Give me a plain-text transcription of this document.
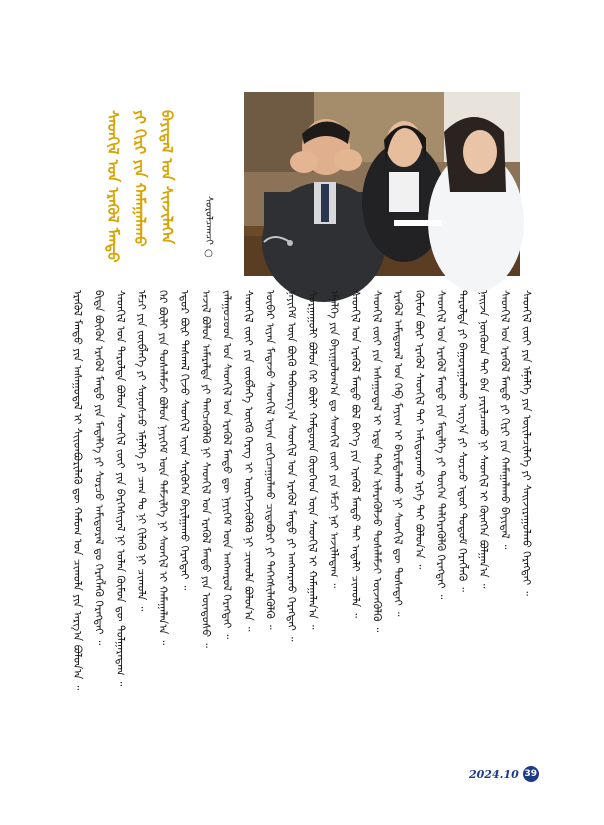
ᠰᠡᠳᠬᠢᠯ ᠤᠨ ᠡᠷᠡᠭᠦᠯ ᠮᠡᠨᠳᠦ ᠶᠢ ᠬᠢᠷᠢ ᠶᠢᠨ ᠬᠠᠮᠠᠭᠠᠯᠠᠬᠤ ᠪᠠᠶᠢᠳᠠᠯ ᠤᠨ ᠰᠢᠨᠵᠢᠯᠡᠭᠡᠨ	ᠰᠤᠷᠤᠯᠴᠠᠭᠴᠢ ○
ᠡᠷᠡᠭᠦᠯ ᠮᠡᠨᠳᠦ ᠶᠢᠨ ᠠᠰᠠᠭᠤᠳᠠᠯ ᠢ ᠰᠢᠢᠳᠪᠦᠷᠢᠯᠡᠬᠦ ᠳᠦ ᠬᠠᠮᠤᠭ ᠤᠨ ᠴᠢᠬᠤᠯᠠ ᠶᠢᠨ ᠠᠷᠭ᠎ᠠ ᠪᠤᠯᠤᠨ᠎ᠠ ᠃ ᠪᠢᠳᠡ ᠪᠦᠬᠦᠨ ᠡᠷᠡᠭᠦᠯ ᠮᠡᠨᠳᠦ ᠶᠢᠨ ᠮᠡᠳᠡᠯᠭᠡ ᠶᠢ ᠰᠤᠷᠴᠤ ᠠᠮᠢᠳᠤᠷᠠᠯ ᠳᠤ ᠬᠡᠷᠡᠭᠯᠡᠬᠦ ᠬᠡᠷᠡᠭᠲᠡᠢ ᠃ ᠰᠡᠳᠬᠢᠯ ᠤᠨ ᠳᠠᠷᠤᠯᠲᠠ ᠪᠤᠯᠤᠨ ᠰᠡᠳᠬᠢᠯ ᠵᠦᠢ ᠶᠢᠨ ᠪᠡᠷᠬᠡᠰᠢᠶᠡᠯ ᠨᠢ ᠣᠯᠠᠨ ᠬᠦᠮᠦᠨ ᠳᠦ ᠲᠤᠯᠭᠠᠷᠠᠳᠠᠭ ᠃ ᠡᠮᠴᠢ ᠶᠢᠨ ᠵᠥᠪᠯᠡᠭᠡ ᠶᠢ ᠰᠣᠨᠣᠰᠴᠤ ᠡᠮᠨᠡᠯᠭᠡ ᠶᠢ ᠴᠠᠭ ᠲᠤ ᠨᠢ ᠬᠢᠯᠡᠬᠦ ᠨᠢ ᠴᠢᠬᠤᠯᠠ ᠃ ᠭᠡᠷ ᠪᠦᠯᠢ ᠶᠢᠨ ᠲᠤᠰᠠᠯᠠᠮᠵᠢ ᠪᠤᠯᠤᠨ ᠨᠡᠶᠢᠭᠡᠮ ᠦᠨ ᠳᠡᠮᠵᠢᠯᠭᠡ ᠨᠢ ᠰᠡᠳᠬᠢᠯ ᠢ ᠬᠠᠮᠠᠭᠠᠯᠠᠨ᠎ᠠ ᠃ ᠡᠳᠦᠷ ᠪᠦᠷ ᠳᠠᠰᠬᠠᠯ ᠬᠢᠵᠦ ᠰᠡᠳᠬᠢᠯ ᠢᠶᠡᠨ ᠰᠡᠷᠭᠦᠭᠡᠨ ᠪᠠᠶᠢᠯᠭᠠᠬᠤ ᠬᠡᠷᠡᠭᠲᠡᠢ ᠃ ᠠᠵᠢᠯ ᠪᠤᠯᠤᠨ ᠠᠮᠠᠷᠠᠯᠲᠠ ᠶᠢ ᠲᠡᠩᠴᠡᠭᠦᠯᠬᠦ ᠨᠢ ᠰᠡᠳᠬᠢᠯ ᠤᠨ ᠡᠷᠡᠭᠦᠯ ᠮᠡᠨᠳᠦ ᠶᠢᠨ ᠦᠨᠳᠦᠰᠦ ᠃ ᠵᠠᠯᠠᠭᠤᠴᠤᠳ ᠤᠨ ᠰᠡᠳᠬᠢᠯ ᠤᠨ ᠡᠷᠡᠭᠦᠯ ᠮᠡᠨᠳᠦ ᠳᠦ ᠨᠡᠶᠢᠭᠡᠮ ᠦᠨ ᠠᠩᠬᠠᠷᠤᠯ ᠬᠡᠷᠡᠭᠲᠡᠢ ᠃ ᠰᠡᠳᠬᠢᠯ ᠵᠦᠢ ᠶᠢᠨ ᠵᠥᠪᠯᠡᠭᠡ ᠦᠭᠬᠦ ᠬᠡᠷᠡᠭ ᠢ ᠥᠷᠭᠡᠵᠢᠭᠦᠯᠬᠦ ᠨᠢ ᠴᠢᠬᠤᠯᠠ ᠪᠤᠯᠤᠨ᠎ᠠ ᠃ ᠥᠪᠡᠷ ᠢᠶᠡᠨ ᠮᠡᠳᠡᠵᠦ ᠰᠡᠳᠬᠢᠯ ᠢᠶᠡᠨ ᠵᠣᠬᠢᠴᠠᠭᠤᠯᠬᠤ ᠴᠢᠳᠠᠪᠤᠷᠢ ᠶᠢ ᠳᠡᠭᠡᠭᠰᠢᠯᠡᠭᠦᠯᠬᠦ ᠃ ᠨᠡᠶᠢᠭᠡᠮ ᠦᠨ ᠪᠦᠬᠦ ᠳᠠᠪᠬᠤᠷᠭ᠎ᠠ ᠰᠡᠳᠬᠢᠯ ᠤᠨ ᠡᠷᠡᠭᠦᠯ ᠮᠡᠨᠳᠦ ᠶᠢ ᠠᠩᠬᠠᠷᠬᠤ ᠬᠡᠷᠡᠭᠲᠡᠢ ᠃ ᠰᠤᠷᠭᠠᠭᠤᠯᠢ ᠪᠤᠯᠤᠨ ᠭᠡᠷ ᠪᠦᠯᠢ ᠬᠠᠮᠲᠤᠷᠠᠨ ᠬᠦᠦᠬᠡᠳ ᠦᠨ ᠰᠡᠳᠬᠢᠯ ᠢ ᠬᠠᠮᠠᠭᠠᠯᠠᠨ᠎ᠠ ᠃ ᠡᠮᠨᠡᠯᠭᠡ ᠶᠢᠨ ᠪᠠᠶᠢᠭᠤᠯᠤᠭ᠎ᠠ ᠳᠤ ᠰᠡᠳᠬᠢᠯ ᠵᠦᠢ ᠶᠢᠨ ᠡᠮᠴᠢ ᠨᠠᠷ ᠠᠵᠢᠯᠯᠠᠳᠠᠭ ᠃ ᠰᠡᠳᠬᠢᠯ ᠤᠨ ᠡᠷᠡᠭᠦᠯ ᠮᠡᠨᠳᠦ ᠪᠤᠯ ᠪᠡᠶ᠎ᠡ ᠶᠢᠨ ᠡᠷᠡᠭᠦᠯ ᠮᠡᠨᠳᠦ ᠲᠡᠢ ᠠᠳᠠᠯᠢ ᠴᠢᠬᠤᠯᠠ ᠃ ᠰᠡᠳᠬᠢᠯ ᠵᠦᠢ ᠶᠢᠨ ᠠᠰᠠᠭᠤᠳᠠᠯ ᠢ ᠡᠷᠲᠡ ᠳᠡᠭᠡᠨ ᠢᠯᠡᠷᠡᠭᠦᠯᠵᠦ ᠲᠤᠰᠠᠯᠠᠮᠵᠢ ᠦᠵᠡᠭᠦᠯᠬᠦ ᠃ ᠡᠷᠡᠭᠦᠯ ᠠᠮᠢᠳᠤᠷᠠᠯ ᠤᠨ ᠬᠡᠪ ᠮᠠᠶᠢᠭ ᠢ ᠪᠠᠷᠢᠮᠲᠠᠯᠠᠬᠤ ᠨᠢ ᠰᠡᠳᠬᠢᠯ ᠳᠦ ᠲᠤᠰᠠᠲᠠᠢ ᠃ ᠬᠦᠮᠦᠨ ᠪᠦᠷ ᠡᠷᠡᠭᠦᠯ ᠰᠡᠳᠬᠢᠯ ᠲᠡᠢ ᠠᠮᠢᠳᠤᠷᠠᠬᠤ ᠡᠷᠬᠡ ᠲᠡᠢ ᠪᠤᠯᠤᠨ᠎ᠠ ᠃ ᠰᠡᠳᠬᠢᠯ ᠤᠨ ᠡᠷᠡᠭᠦᠯ ᠮᠡᠨᠳᠦ ᠶᠢᠨ ᠮᠡᠳᠡᠯᠭᠡ ᠶᠢ ᠲᠦᠭᠡᠨ ᠳᠡᠯᠭᠡᠷᠡᠭᠦᠯᠬᠦ ᠬᠡᠷᠡᠭᠲᠡᠢ ᠃ ᠳᠠᠷᠤᠯᠲᠠ ᠶᠢ ᠪᠠᠭᠤᠷᠠᠭᠤᠯᠬᠤ ᠠᠷᠭ᠎ᠠ ᠶᠢ ᠰᠤᠷᠴᠤ ᠡᠳᠦᠷ ᠲᠤᠲᠤᠮ ᠬᠡᠷᠡᠭᠯᠡᠬᠦ ᠃ ᠨᠠᠢᠵᠠ ᠨᠥᠬᠥᠳ ᠲᠡᠢ ᠪᠠᠨ ᠶᠠᠷᠢᠯᠴᠠᠬᠤ ᠨᠢ ᠰᠡᠳᠬᠢᠯ ᠢ ᠬᠥᠩᠭᠡᠨ ᠪᠣᠯᠭᠠᠨ᠎ᠠ ᠃ ᠰᠡᠳᠬᠢᠯ ᠤᠨ ᠡᠷᠡᠭᠦᠯ ᠮᠡᠨᠳᠦ ᠶᠢ ᠬᠢᠷᠢ ᠶᠢᠨ ᠬᠠᠮᠠᠭᠠᠯᠠᠬᠤ ᠪᠠᠶᠢᠳᠠᠯ ᠃ ᠰᠡᠳᠬᠢᠯ ᠵᠦᠢ ᠶᠢᠨ ᠡᠮᠨᠡᠯᠭᠡ ᠶᠢᠨ ᠦᠢᠯᠡᠴᠢᠯᠡᠭᠡ ᠶᠢ ᠰᠠᠢᠵᠢᠷᠠᠭᠤᠯᠬᠤ ᠬᠡᠷᠡᠭᠲᠡᠢ ᠃
2024.10 39
